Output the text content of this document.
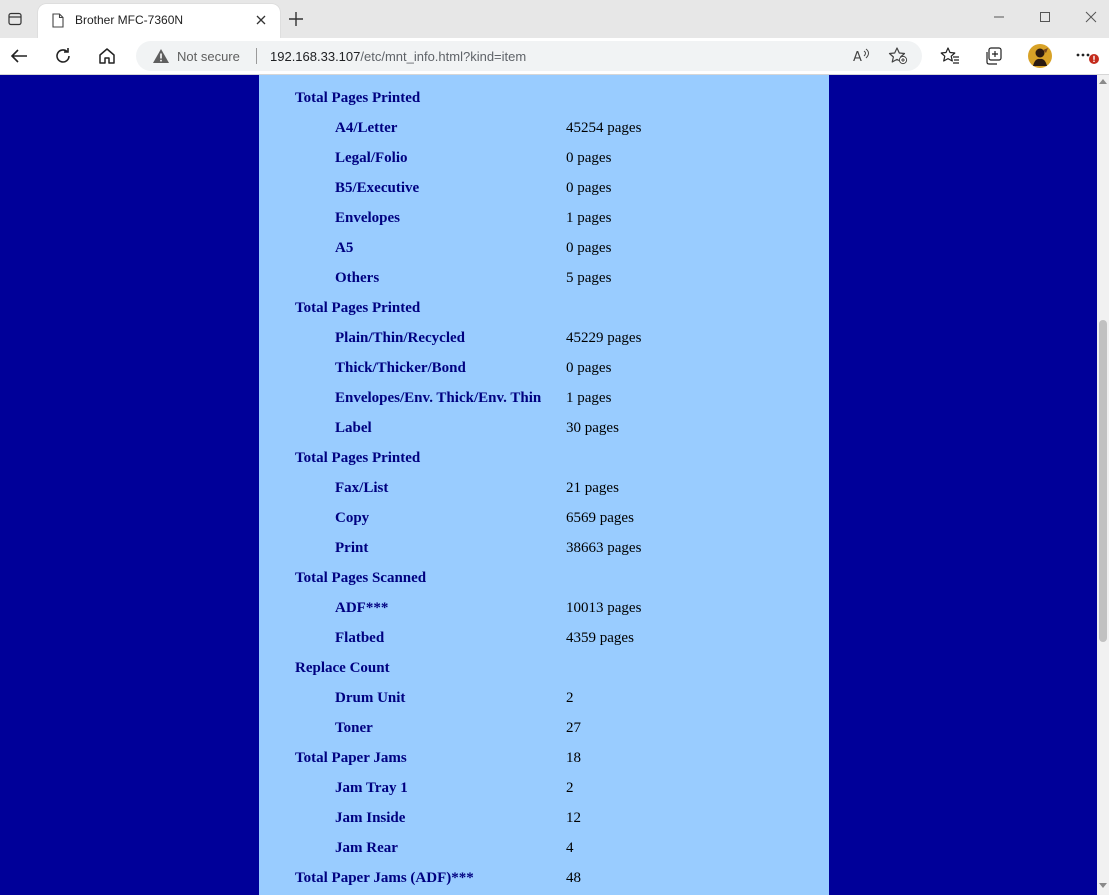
Brother MFC-7360N
Not secure 192.168.33.107/etc/mnt_info.html?kind=item	A
Total Pages Printed
A4/Letter	45254 pages
Legal/Folio	0 pages
B5/Executive	0 pages
Envelopes	1 pages
A5	0 pages
Others	5 pages
Total Pages Printed
Plain/Thin/Recycled	45229 pages
Thick/Thicker/Bond	0 pages
Envelopes/Env. Thick/Env. Thin 1 pages
Label	30 pages
Total Pages Printed
Fax/List	21 pages
Copy	6569 pages
Print	38663 pages
Total Pages Scanned
ADF***	10013 pages
Flatbed	4359 pages
Replace Count
Drum Unit	2
Toner	27
Total Paper Jams	18
Jam Tray 1	2
Jam Inside	12
Jam Rear	4
Total Paper Jams (ADF)***	48
